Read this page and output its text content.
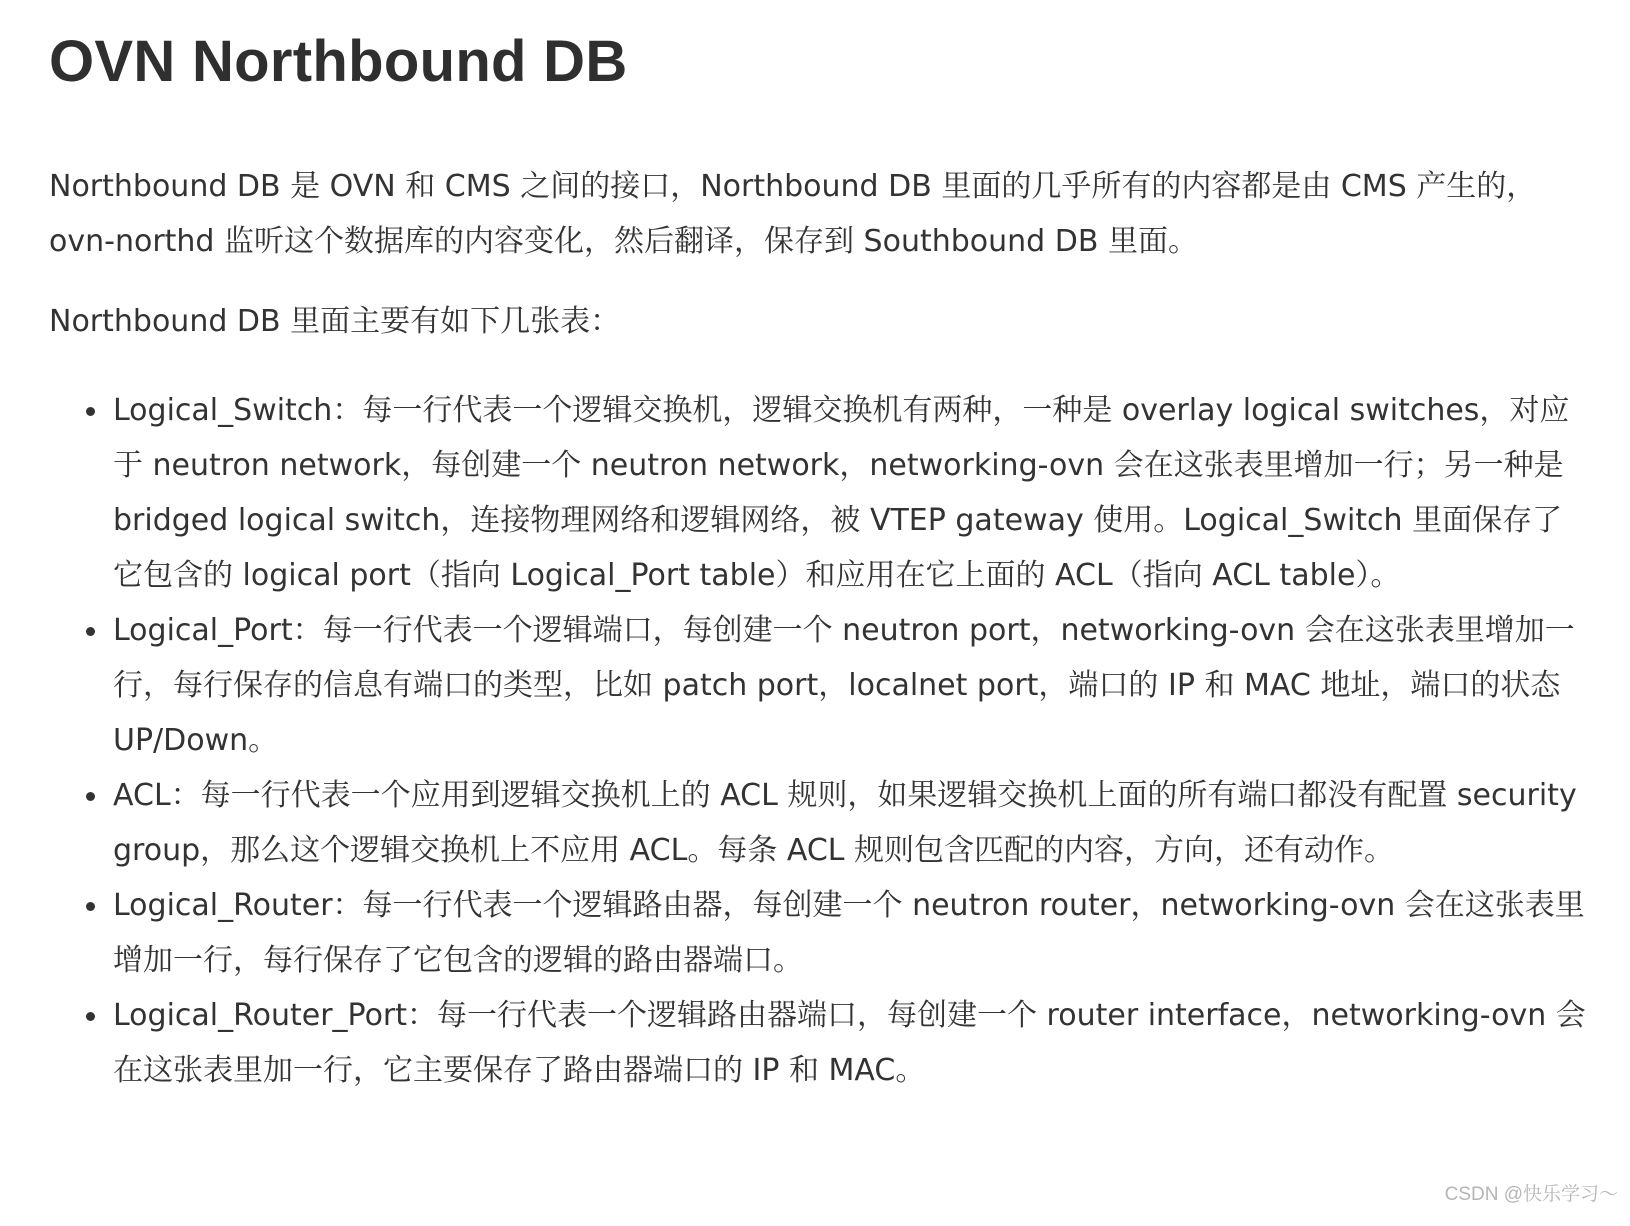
OVN Northbound DB

Northbound DB 是 OVN 和 CMS 之间的接口，Northbound DB 里面的几乎所有的内容都是由 CMS 产生的，ovn-northd 监听这个数据库的内容变化，然后翻译，保存到 Southbound DB 里面。

Northbound DB 里面主要有如下几张表：

Logical_Switch：每一行代表一个逻辑交换机，逻辑交换机有两种，一种是 overlay logical switches，对应于 neutron network，每创建一个 neutron network，networking-ovn 会在这张表里增加一行；另一种是 bridged logical switch，连接物理网络和逻辑网络，被 VTEP gateway 使用。Logical_Switch 里面保存了它包含的 logical port（指向 Logical_Port table）和应用在它上面的 ACL（指向 ACL table）。
Logical_Port：每一行代表一个逻辑端口，每创建一个 neutron port，networking-ovn 会在这张表里增加一行，每行保存的信息有端口的类型，比如 patch port，localnet port，端口的 IP 和 MAC 地址，端口的状态 UP/Down。
ACL：每一行代表一个应用到逻辑交换机上的 ACL 规则，如果逻辑交换机上面的所有端口都没有配置 security group，那么这个逻辑交换机上不应用 ACL。每条 ACL 规则包含匹配的内容，方向，还有动作。
Logical_Router：每一行代表一个逻辑路由器，每创建一个 neutron router，networking-ovn 会在这张表里增加一行，每行保存了它包含的逻辑的路由器端口。
Logical_Router_Port：每一行代表一个逻辑路由器端口，每创建一个 router interface，networking-ovn 会在这张表里加一行，它主要保存了路由器端口的 IP 和 MAC。
CSDN @快乐学习～
